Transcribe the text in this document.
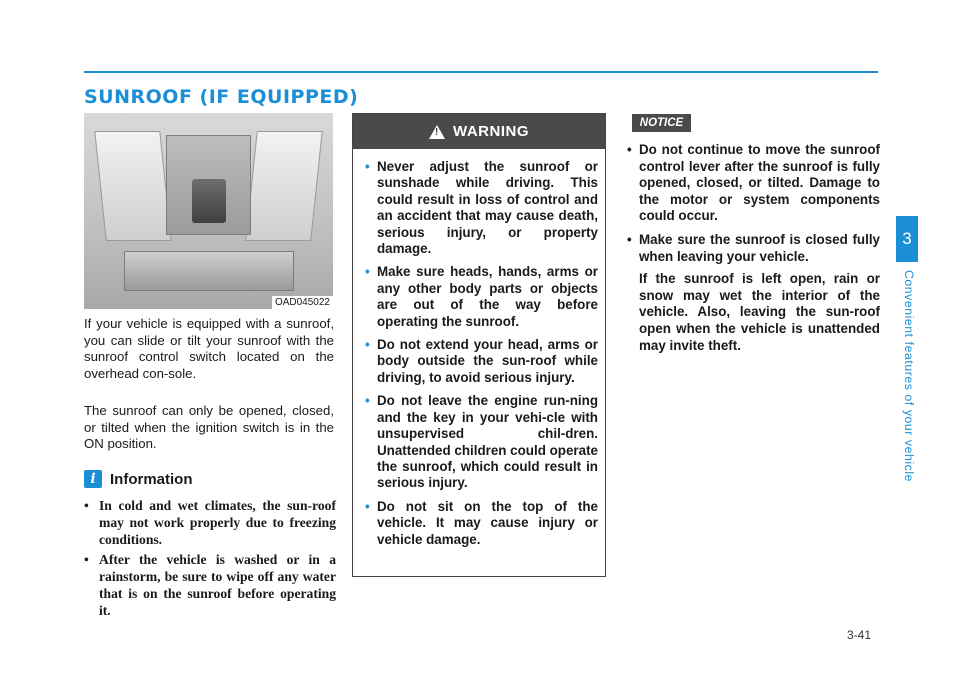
SUNROOF (IF EQUIPPED)
OAD045022

If your vehicle is equipped with a sunroof, you can slide or tilt your sunroof with the sunroof control switch located on the overhead con-sole.

The sunroof can only be opened, closed, or tilted when the ignition switch is in the ON position.

i Information
• In cold and wet climates, the sun-roof may not work properly due to freezing conditions.
• After the vehicle is washed or in a rainstorm, be sure to wipe off any water that is on the sunroof before operating it.
!
WARNING
• Never adjust the sunroof or sunshade while driving. This could result in loss of control and an accident that may cause death, serious injury, or property damage.
• Make sure heads, hands, arms or any other body parts or objects are out of the way before operating the sunroof.
• Do not extend your head, arms or body outside the sun-roof while driving, to avoid serious injury.
• Do not leave the engine run-ning and the key in your vehi-cle with unsupervised chil-dren. Unattended children could operate the sunroof, which could result in serious injury.
• Do not sit on the top of the vehicle. It may cause injury or vehicle damage.
NOTICE

• Do not continue to move the sunroof control lever after the sunroof is fully opened, closed, or tilted. Damage to the motor or system components could occur.

• Make sure the sunroof is closed fully when leaving your vehicle.

If the sunroof is left open, rain or snow may wet the interior of the vehicle. Also, leaving the sun-roof open when the vehicle is unattended may invite theft.

3
Convenient features of your vehicle
3-41
